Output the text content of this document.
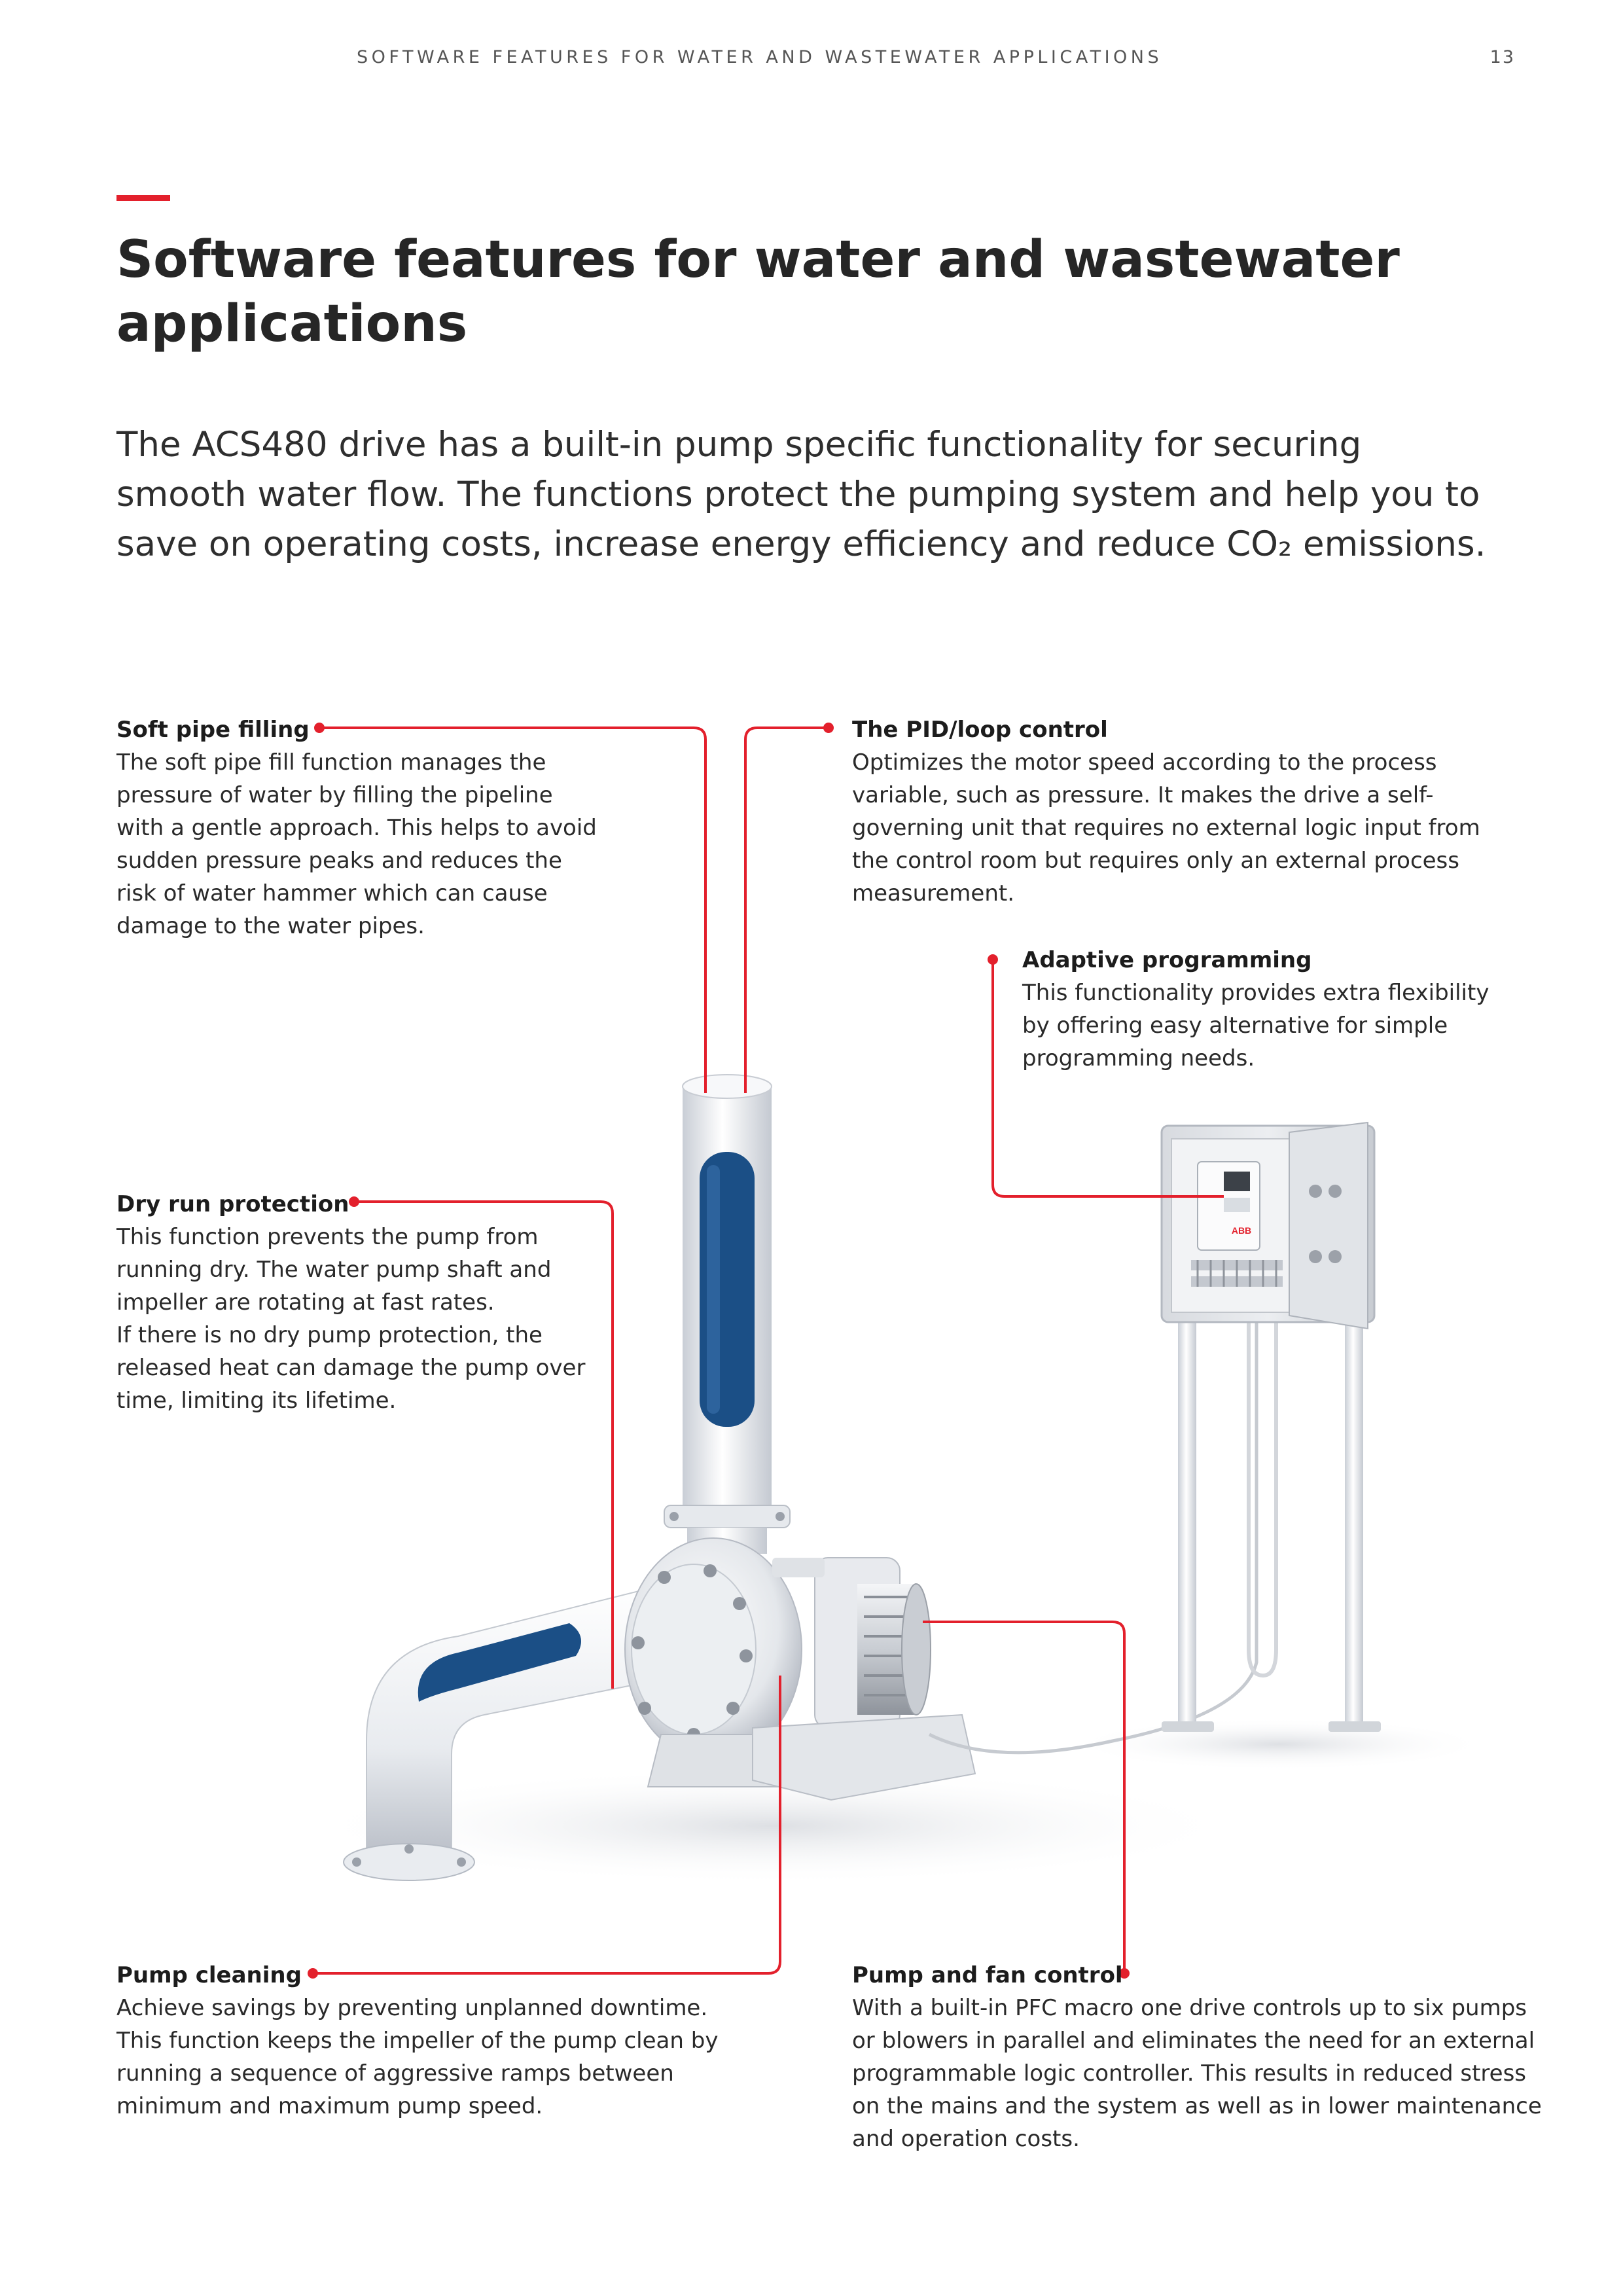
SOFTWARE FEATURES FOR WATER AND WASTEWATER APPLICATIONS	13
Software features for water and wastewater applications

The ACS480 drive has a built-in pump specific functionality for securing smooth water flow. The functions protect the pumping system and help you to save on operating costs, increase energy efficiency and reduce CO₂ emissions.

ABB
Soft pipe filling

The soft pipe fill function manages the
pressure of water by filling the pipeline
with a gentle approach. This helps to avoid
sudden pressure peaks and reduces the
risk of water hammer which can cause
damage to the water pipes.

The PID/loop control

Optimizes the motor speed according to the process
variable, such as pressure. It makes the drive a self-
governing unit that requires no external logic input from
the control room but requires only an external process
measurement.

Adaptive programming

This functionality provides extra flexibility
by offering easy alternative for simple
programming needs.

Dry run protection

This function prevents the pump from
running dry. The water pump shaft and
impeller are rotating at fast rates.
If there is no dry pump protection, the
released heat can damage the pump over
time, limiting its lifetime.

Pump cleaning

Achieve savings by preventing unplanned downtime.
This function keeps the impeller of the pump clean by
running a sequence of aggressive ramps between
minimum and maximum pump speed.

Pump and fan control

With a built-in PFC macro one drive controls up to six pumps
or blowers in parallel and eliminates the need for an external
programmable logic controller. This results in reduced stress
on the mains and the system as well as in lower maintenance
and operation costs.
